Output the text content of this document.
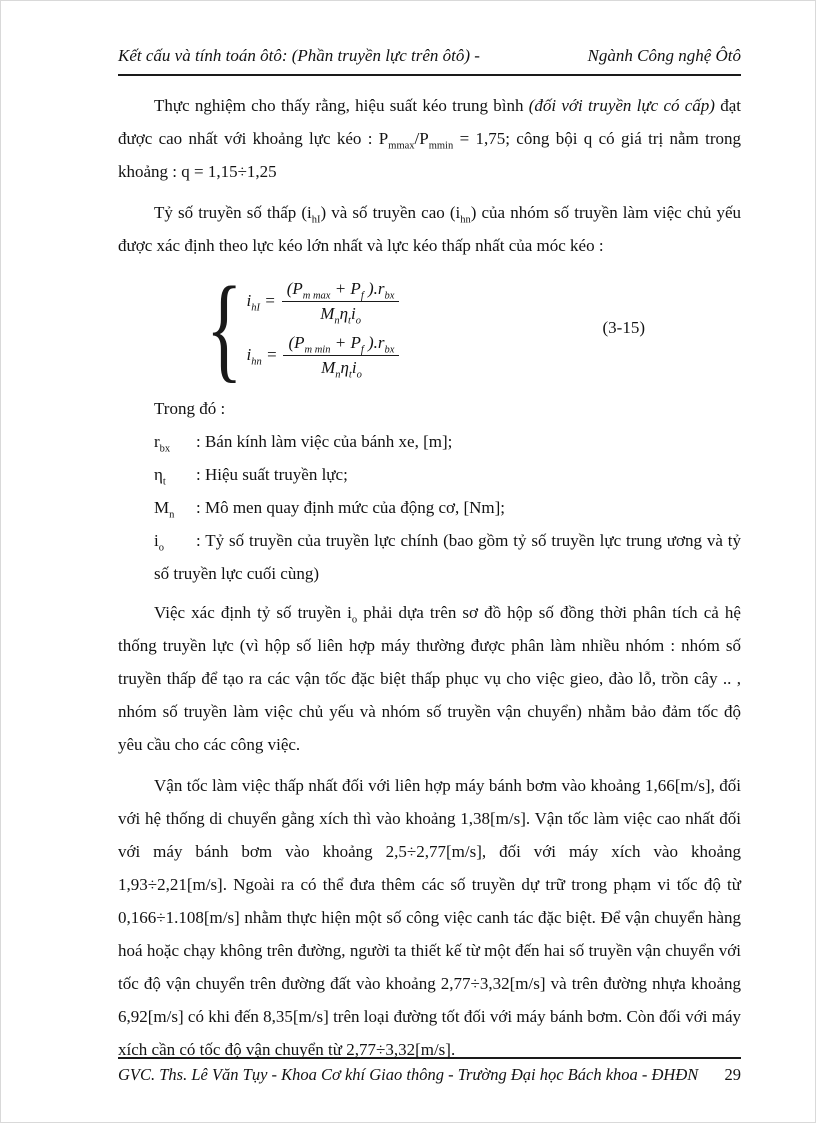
Kết cấu và tính toán ôtô: (Phần truyền lực trên ôtô) -	Ngành Công nghệ Ôtô

Thực nghiệm cho thấy rằng, hiệu suất kéo trung bình (đối với truyền lực có cấp) đạt được cao nhất với khoảng lực kéo : $P_{mmax}/P_{mmin} = 1,75$; công bội q có giá trị nằm trong khoảng : q = 1,15÷1,25

Tỷ số truyền số thấp $(i_{hI})$ và số truyền cao $(i_{hn})$ của nhóm số truyền làm việc chủ yếu được xác định theo lực kéo lớn nhất và lực kéo thấp nhất của móc kéo :

{ $i_{hI} = \frac{(P_{m max} + P_f ).r_{bx}}{M_n\eta_ti_o}$
$i_{hn} = \frac{(P_{m min} + P_f ).r_{bx}}{M_n\eta_ti_o}$
(3-15)

Trong đó :

$r_{bx}$ : Bán kính làm việc của bánh xe, [m];

$\eta_t$ : Hiệu suất truyền lực;

$M_n$ : Mô men quay định mức của động cơ, [Nm];

$i_o$ : Tỷ số truyền của truyền lực chính (bao gồm tỷ số truyền lực trung ương và tỷ số truyền lực cuối cùng)

Việc xác định tỷ số truyền $i_o$ phải dựa trên sơ đồ hộp số đồng thời phân tích cả hệ thống truyền lực (vì hộp số liên hợp máy thường được phân làm nhiều nhóm : nhóm số truyền thấp để tạo ra các vận tốc đặc biệt thấp phục vụ cho việc gieo, đào lỗ, trồn cây .. , nhóm số truyền làm việc chủ yếu và nhóm số truyền vận chuyển) nhằm bảo đảm tốc độ yêu cầu cho các công việc.

Vận tốc làm việc thấp nhất đối với liên hợp máy bánh bơm vào khoảng 1,66[m/s], đối với hệ thống di chuyển gằng xích thì vào khoảng 1,38[m/s]. Vận tốc làm việc cao nhất đối với máy bánh bơm vào khoảng 2,5÷2,77[m/s], đối với máy xích vào khoảng 1,93÷2,21[m/s]. Ngoài ra có thể đưa thêm các số truyền dự trữ trong phạm vi tốc độ từ 0,166÷1.108[m/s] nhằm thực hiện một số công việc canh tác đặc biệt. Để vận chuyển hàng hoá hoặc chạy không trên đường, người ta thiết kế từ một đến hai số truyền vận chuyển với tốc độ vận chuyển trên đường đất vào khoảng 2,77÷3,32[m/s] và trên đường nhựa khoảng 6,92[m/s] có khi đến 8,35[m/s] trên loại đường tốt đối với máy bánh bơm. Còn đối với máy xích cần có tốc độ vận chuyển từ 2,77÷3,32[m/s].

GVC. Ths. Lê Văn Tụy - Khoa Cơ khí Giao thông - Trường Đại học Bách khoa - ĐHĐN 29
